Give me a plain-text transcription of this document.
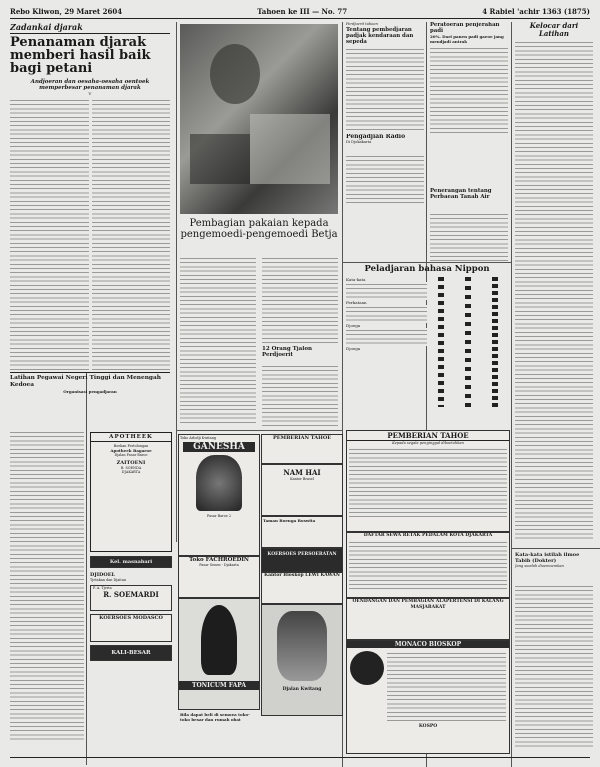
Rebo Kliwon, 29 Maret 2604	Tahoen ke III — No. 77	4 Rabiel 'achir 1363 (1875)
Zadankai djarak
Penanaman djarak memberi hasil baik bagi petani
Andjoeran dan oesaha-oesaha oentoek memperbesar penanaman djarak
V
Latihan Pegawai Negeri Tinggi dan Menengah Kedoea
Organisasi pengadjaran
APOTHEEK
Boekan Pertolongan
Apotheek Bagaroe
Djalan Pasar Baroe
ZAITOENI
B. SOENDA
DJAKARTA
Kel. masnabari
DJIDOEL
Tjetakan dan Djaitan
P. A. Tjerta
R. SOEMARDI
KOERSOES MODASCO
KALI-BESAR
Pembagian pakaian kepada pengemoedi-pengemoedi Betja
12 Orang Tjalon Perdjoerit
Toko Arlodji Kwitang
GANESHA
Pasar Baroe 2
Toko FACHROEDIN
Pasar Senen - Djakarta
TONICUM FAPA
Bila dapat beli di semoea toko-toko besar dan rumah obat
PEMBERIAN TAHOE
NAM HAI
Kantor Brasel
Taman Boenga Roswita
KOERSOES PERSOERATAN
Kantor Bioskop LEWI KAWAN
Djalan Kwitang
Perdjoerit tahoen
Tentang pembedjaran padjak kendaraan dan sepeda
Pengadjian Radio
Di Djokakarta
Peratoeran penjerahan padi
20%. Dari panen padi gaeoe jang mendjadi antrak
Penerangan tentang Perbaean Tanah Air
Peladjaran bahasa Nippon
Kata-kata
Perkataan
Djoega
Djoega
PEMBERIAN TAHOE
Kepada segala penginggal diboetohkan
DAFTAR SEWA RETAK PEDALAM KOTA DJAKARTA
OENDANGAN DAN PEMBAGIAN ALAPERTENSI DI KALANG MASJARAKAT
MONACO BIOSKOP
KOSPO
Kelocar dari Latihan
Kata-kata istilah ilmoe Tabib (Dokter)
Jang soedah dioemoemkan
